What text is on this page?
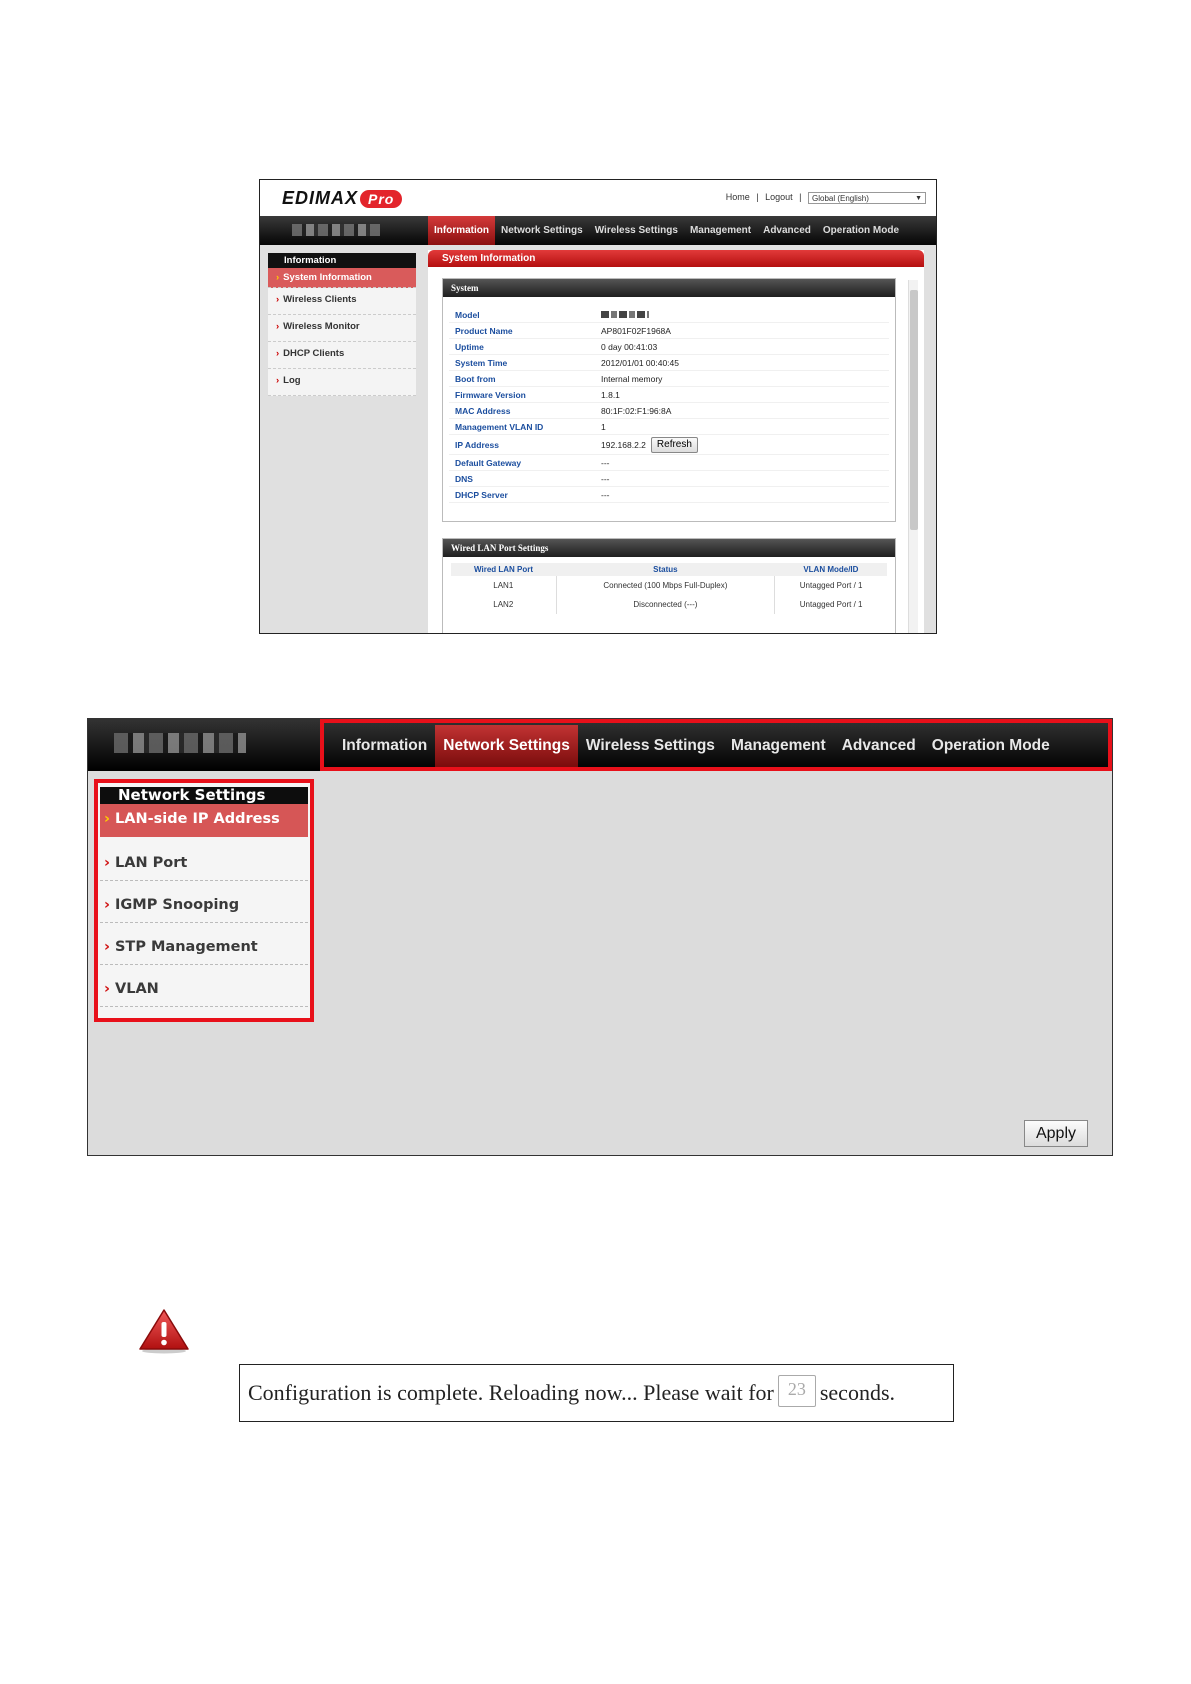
EDIMAX Pro	Home | Logout | Global (English) ▼
Information	Network Settings	Wireless Settings	Management	Advanced	Operation Mode
Information
› System Information
› Wireless Clients
› Wireless Monitor
› DHCP Clients
› Log
System Information
System
Model
Product Name	AP801F02F1968A
Uptime	0 day 00:41:03
System Time	2012/01/01 00:40:45
Boot from	Internal memory
Firmware Version	1.8.1
MAC Address	80:1F:02:F1:96:8A
Management VLAN ID	1
IP Address	192.168.2.2	Refresh
Default Gateway	---
DNS	---
DHCP Server	---
Wired LAN Port Settings
Wired LAN Port	Status	VLAN Mode/ID
LAN1	Connected (100 Mbps Full-Duplex)	Untagged Port / 1
LAN2	Disconnected (---)	Untagged Port / 1
Information	Network Settings	Wireless Settings	Management	Advanced	Operation Mode
Network Settings
› LAN-side IP Address
› LAN Port
› IGMP Snooping
› STP Management
› VLAN
Apply
Configuration is complete. Reloading now... Please wait for 23 seconds.
